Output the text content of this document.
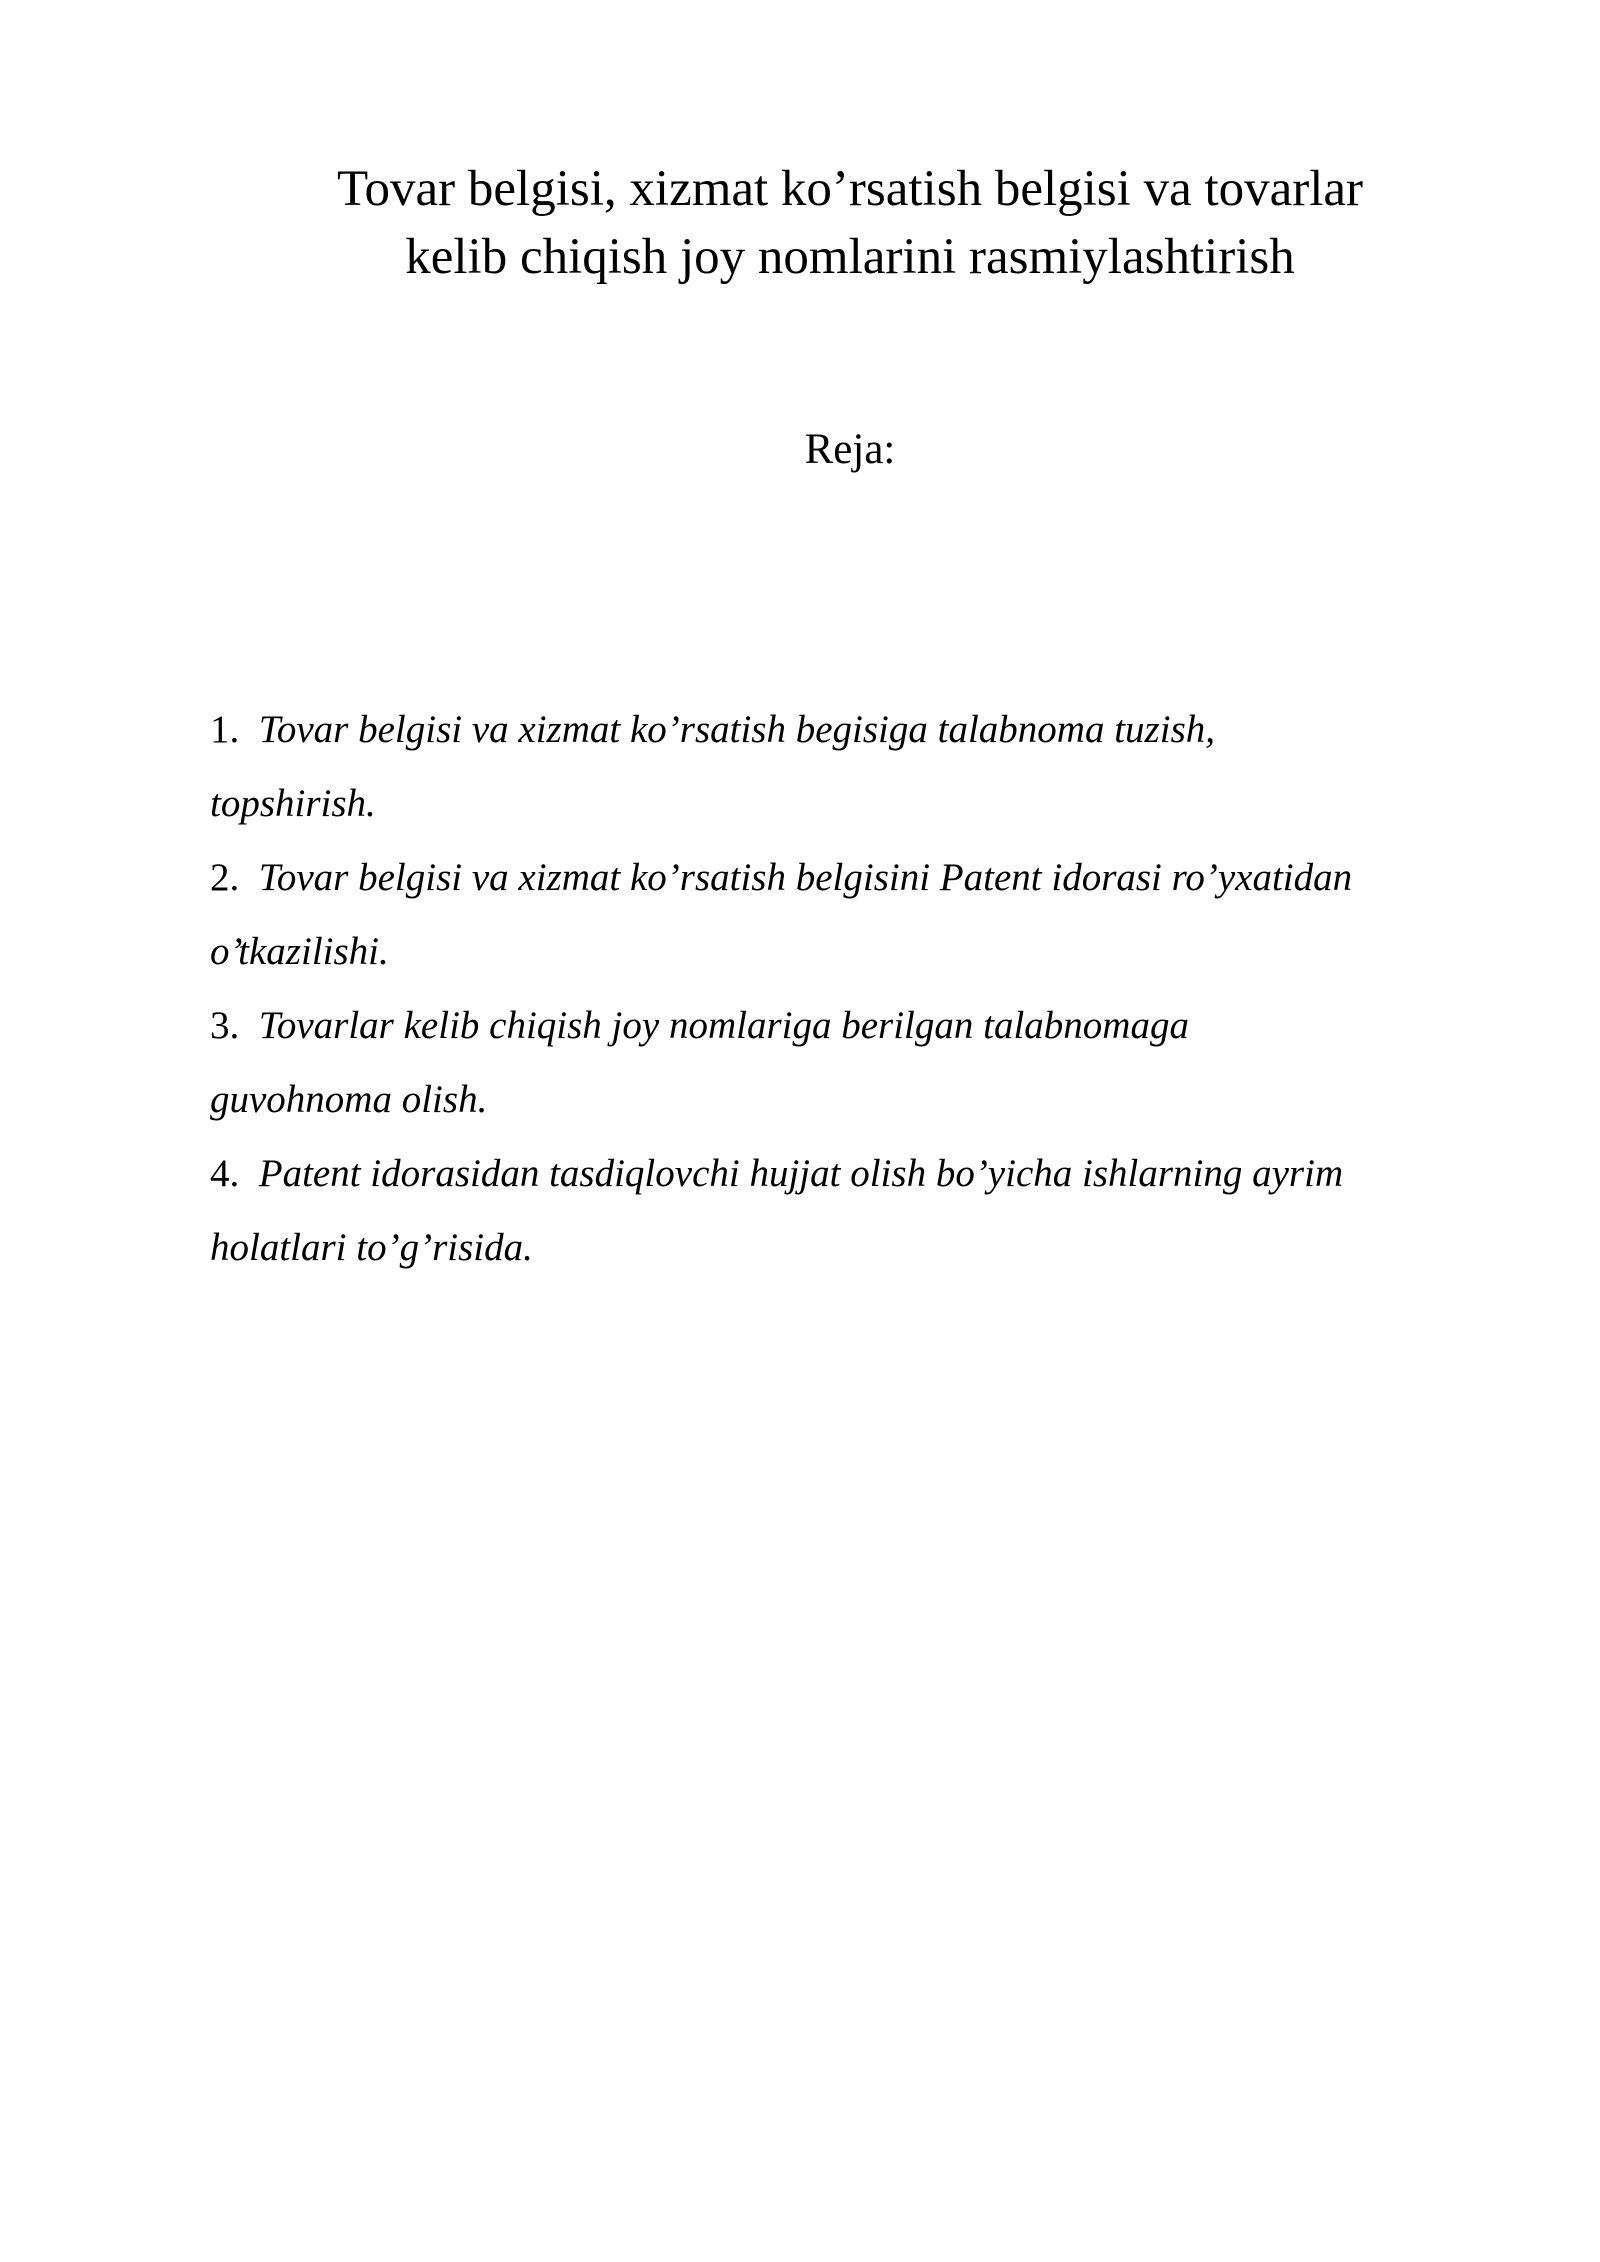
Tovar belgisi, xizmat ko’rsatish belgisi va tovarlar
kelib chiqish joy nomlarini rasmiylashtirish
Reja:
1. Tovar belgisi va xizmat ko’rsatish begisiga talabnoma tuzish,
topshirish.
2. Tovar belgisi va xizmat ko’rsatish belgisini Patent idorasi ro’yxatidan
o’tkazilishi.
3. Tovarlar kelib chiqish joy nomlariga berilgan talabnomaga
guvohnoma olish.
4. Patent idorasidan tasdiqlovchi hujjat olish bo’yicha ishlarning ayrim
holatlari to’g’risida.
